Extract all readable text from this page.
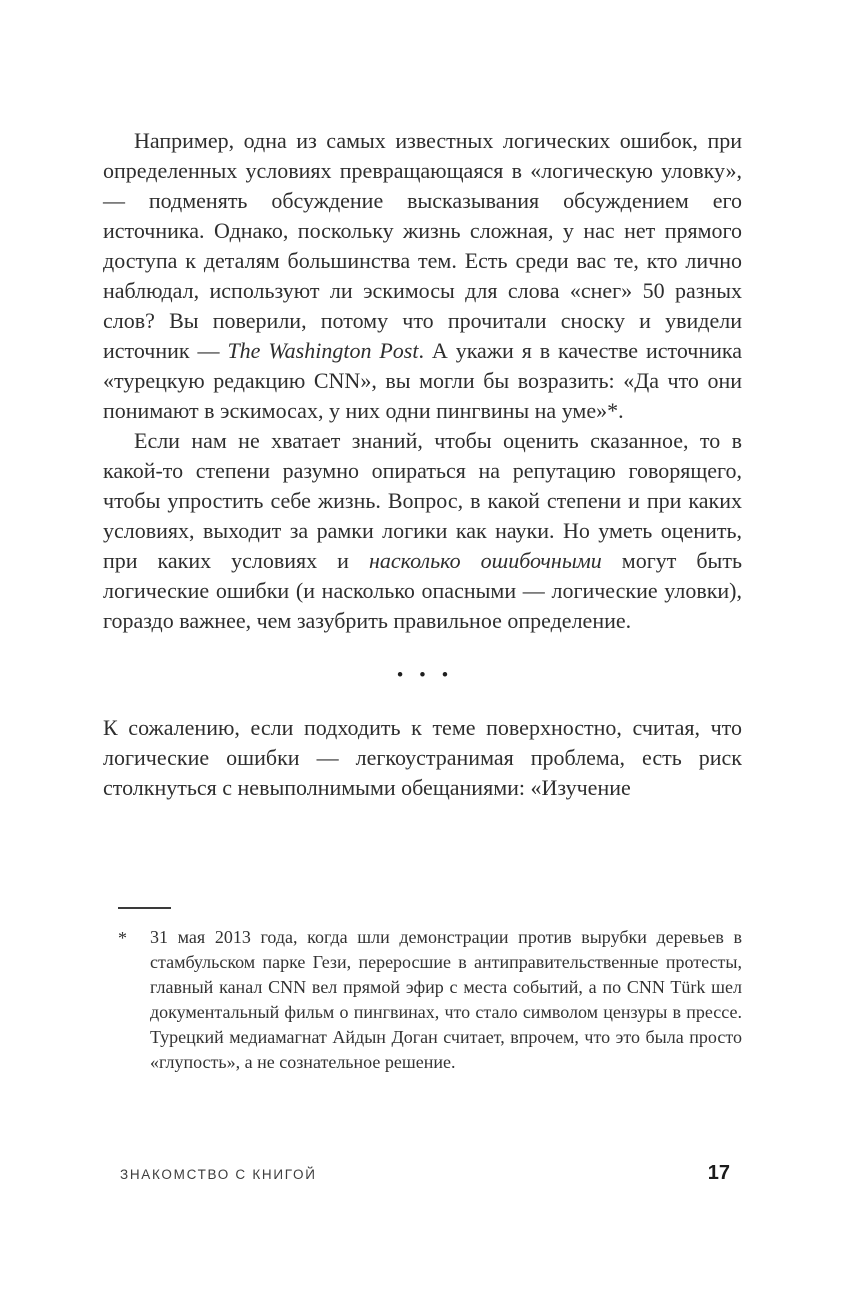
Например, одна из самых известных логических ошибок, при определенных условиях превращающаяся в «логическую уловку», — подменять обсуждение высказывания обсуждением его источника. Однако, поскольку жизнь сложная, у нас нет прямого доступа к деталям большинства тем. Есть среди вас те, кто лично наблюдал, используют ли эскимосы для слова «снег» 50 разных слов? Вы поверили, потому что прочитали сноску и увидели источник — The Washington Post. А укажи я в качестве источника «турецкую редакцию CNN», вы могли бы возразить: «Да что они понимают в эскимосах, у них одни пингвины на уме»*.

Если нам не хватает знаний, чтобы оценить сказанное, то в какой-то степени разумно опираться на репутацию говорящего, чтобы упростить себе жизнь. Вопрос, в какой степени и при каких условиях, выходит за рамки логики как науки. Но уметь оценить, при каких условиях и насколько ошибочными могут быть логические ошибки (и насколько опасными — логические уловки), гораздо важнее, чем зазубрить правильное определение.

• • •

К сожалению, если подходить к теме поверхностно, считая, что логические ошибки — легкоустранимая проблема, есть риск столкнуться с невыполнимыми обещаниями: «Изучение

* 31 мая 2013 года, когда шли демонстрации против вырубки деревьев в стамбульском парке Гези, переросшие в антиправительственные протесты, главный канал CNN вел прямой эфир с места событий, а по CNN Türk шел документальный фильм о пингвинах, что стало символом цензуры в прессе. Турецкий медиамагнат Айдын Доган считает, впрочем, что это была просто «глупость», а не сознательное решение.
ЗНАКОМСТВО С КНИГОЙ	17
